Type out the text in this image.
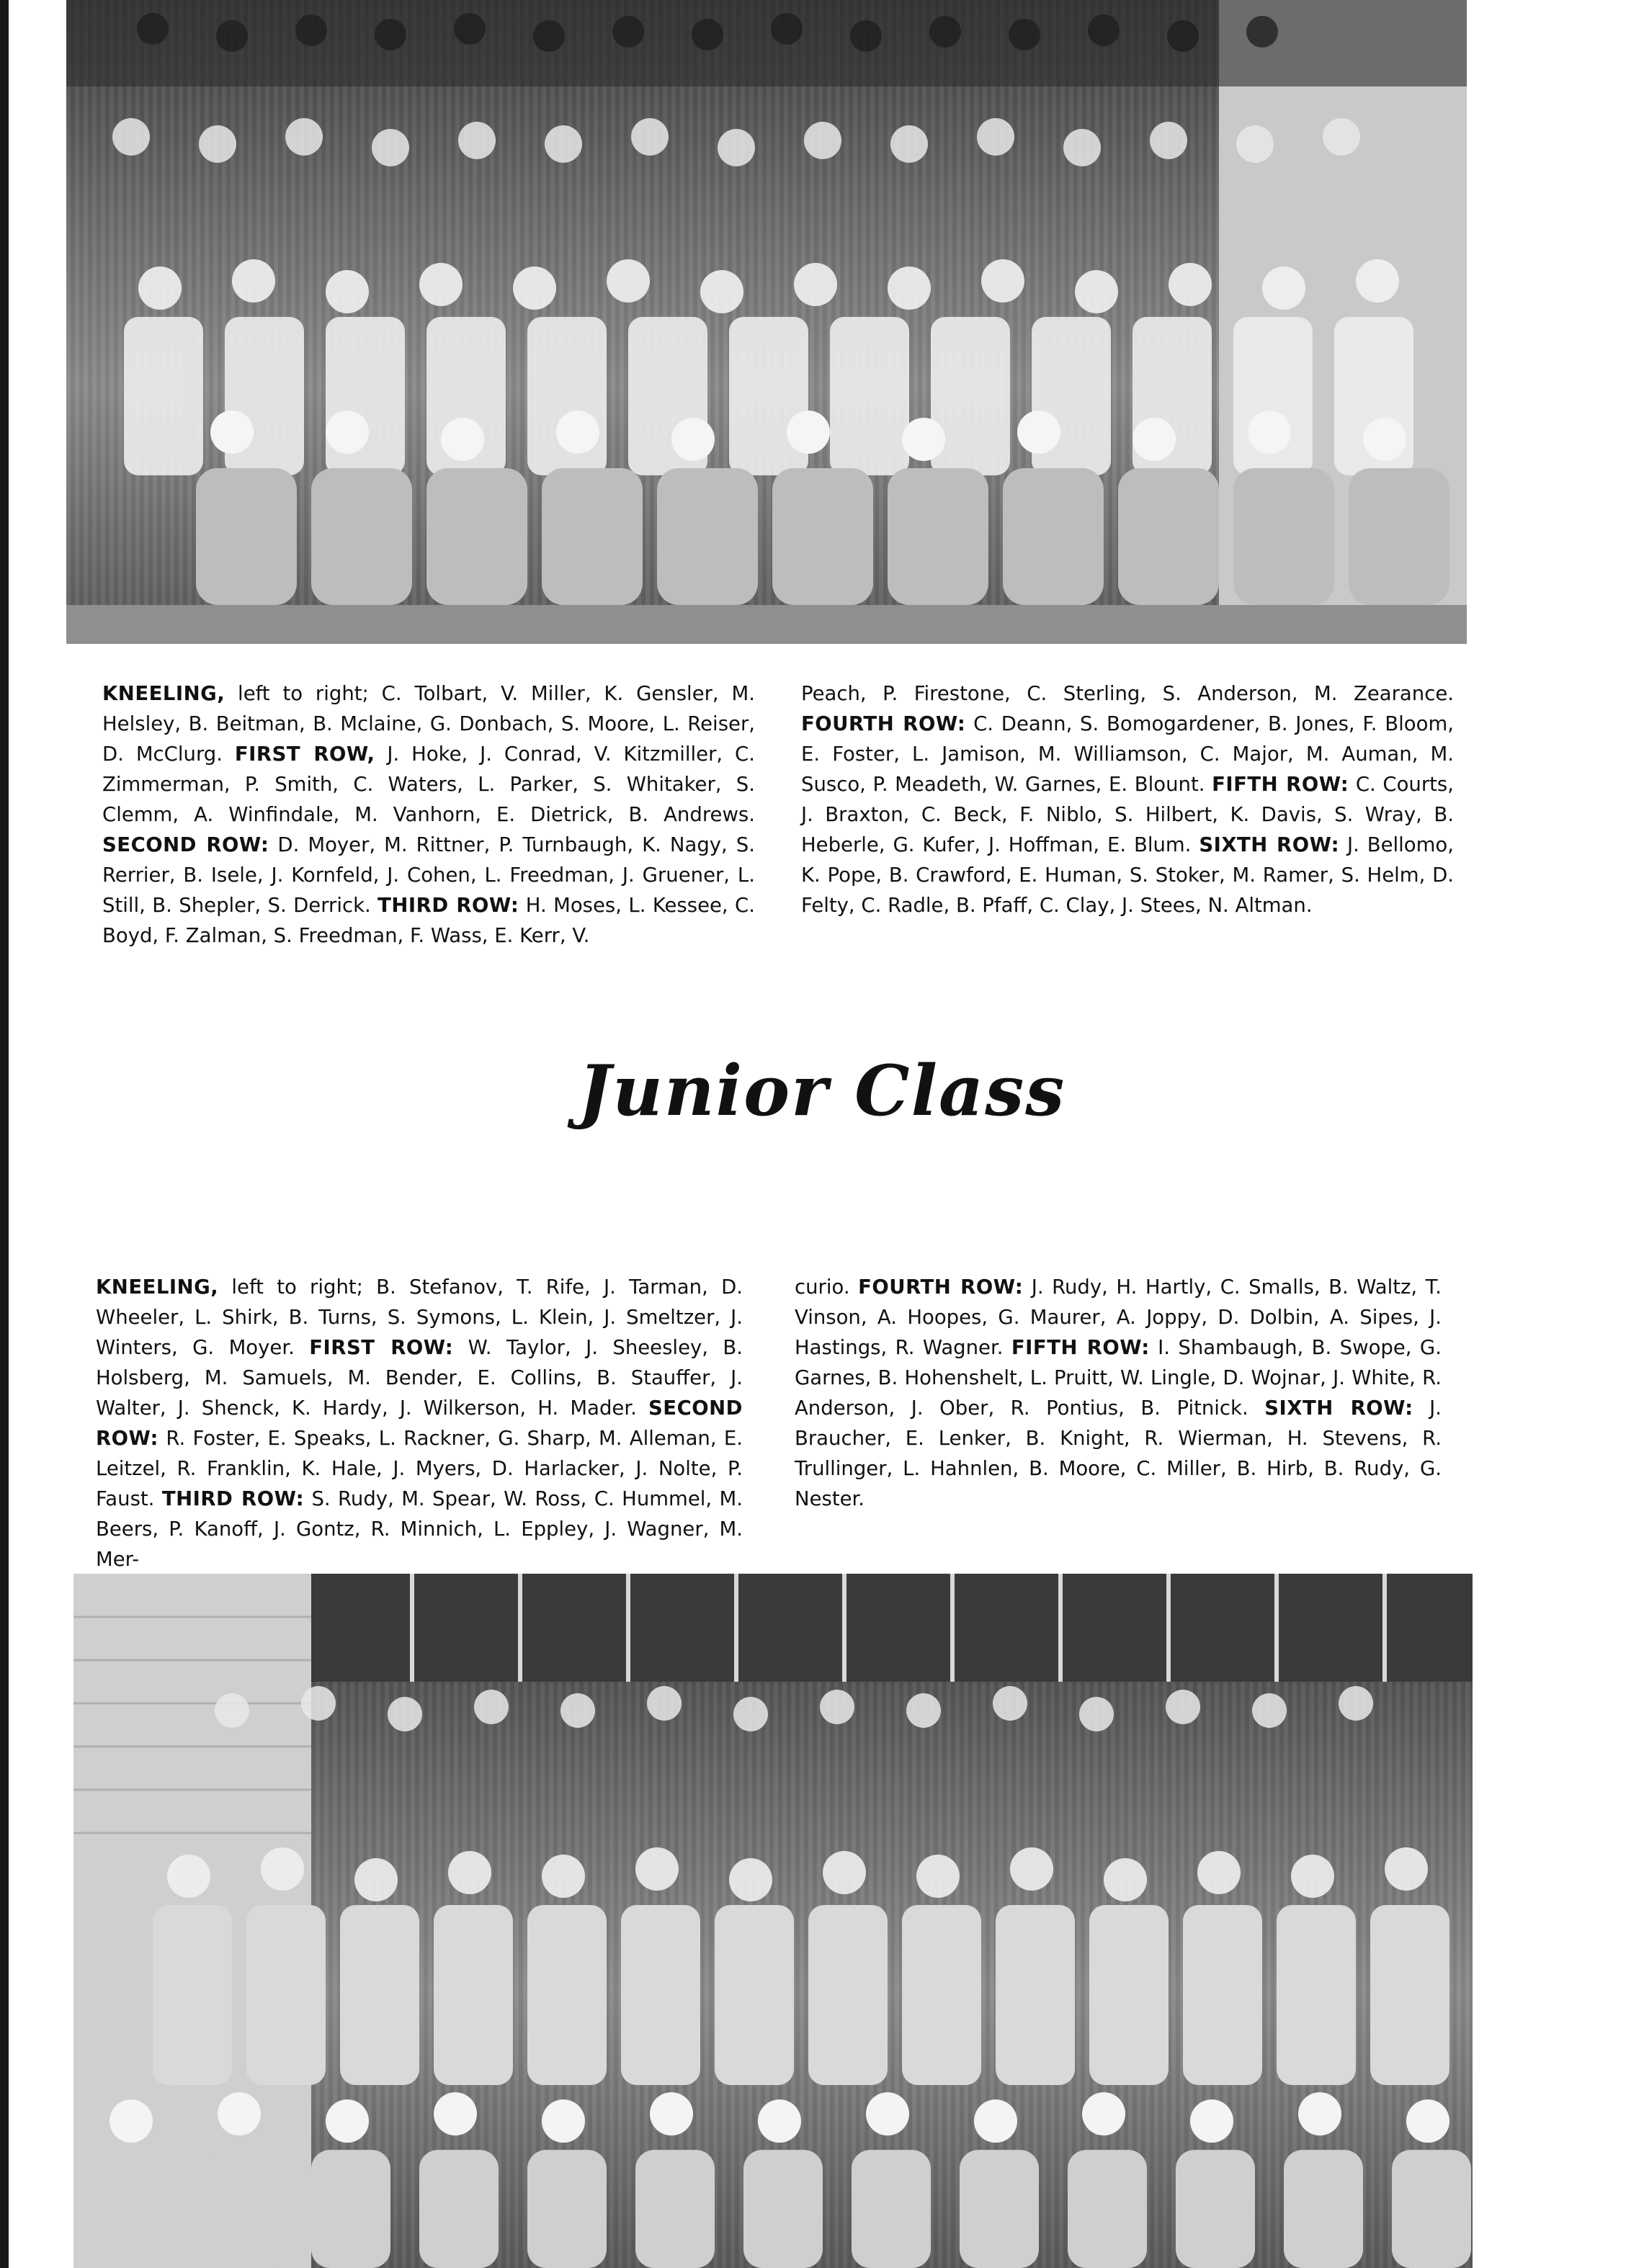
KNEELING, left to right; C. Tolbart, V. Miller, K. Gensler, M. Helsley, B. Beitman, B. Mclaine, G. Donbach, S. Moore, L. Reiser, D. McClurg. FIRST ROW, J. Hoke, J. Conrad, V. Kitzmiller, C. Zimmerman, P. Smith, C. Waters, L. Parker, S. Whitaker, S. Clemm, A. Winfindale, M. Vanhorn, E. Dietrick, B. Andrews. SECOND ROW: D. Moyer, M. Rittner, P. Turnbaugh, K. Nagy, S. Rerrier, B. Isele, J. Kornfeld, J. Cohen, L. Freedman, J. Gruener, L. Still, B. Shepler, S. Derrick. THIRD ROW: H. Moses, L. Kessee, C. Boyd, F. Zalman, S. Freedman, F. Wass, E. Kerr, V.

Peach, P. Firestone, C. Sterling, S. Anderson, M. Zearance. FOURTH ROW: C. Deann, S. Bomogardener, B. Jones, F. Bloom, E. Foster, L. Jamison, M. Williamson, C. Major, M. Auman, M. Susco, P. Meadeth, W. Garnes, E. Blount. FIFTH ROW: C. Courts, J. Braxton, C. Beck, F. Niblo, S. Hilbert, K. Davis, S. Wray, B. Heberle, G. Kufer, J. Hoffman, E. Blum. SIXTH ROW: J. Bellomo, K. Pope, B. Crawford, E. Human, S. Stoker, M. Ramer, S. Helm, D. Felty, C. Radle, B. Pfaff, C. Clay, J. Stees, N. Altman.

Junior Class

KNEELING, left to right; B. Stefanov, T. Rife, J. Tarman, D. Wheeler, L. Shirk, B. Turns, S. Symons, L. Klein, J. Smeltzer, J. Winters, G. Moyer. FIRST ROW: W. Taylor, J. Sheesley, B. Holsberg, M. Samuels, M. Bender, E. Collins, B. Stauffer, J. Walter, J. Shenck, K. Hardy, J. Wilkerson, H. Mader. SECOND ROW: R. Foster, E. Speaks, L. Rackner, G. Sharp, M. Alleman, E. Leitzel, R. Franklin, K. Hale, J. Myers, D. Harlacker, J. Nolte, P. Faust. THIRD ROW: S. Rudy, M. Spear, W. Ross, C. Hummel, M. Beers, P. Kanoff, J. Gontz, R. Minnich, L. Eppley, J. Wagner, M. Mer-

curio. FOURTH ROW: J. Rudy, H. Hartly, C. Smalls, B. Waltz, T. Vinson, A. Hoopes, G. Maurer, A. Joppy, D. Dolbin, A. Sipes, J. Hastings, R. Wagner. FIFTH ROW: I. Shambaugh, B. Swope, G. Garnes, B. Hohenshelt, L. Pruitt, W. Lingle, D. Wojnar, J. White, R. Anderson, J. Ober, R. Pontius, B. Pitnick. SIXTH ROW: J. Braucher, E. Lenker, B. Knight, R. Wierman, H. Stevens, R. Trullinger, L. Hahnlen, B. Moore, C. Miller, B. Hirb, B. Rudy, G. Nester.
